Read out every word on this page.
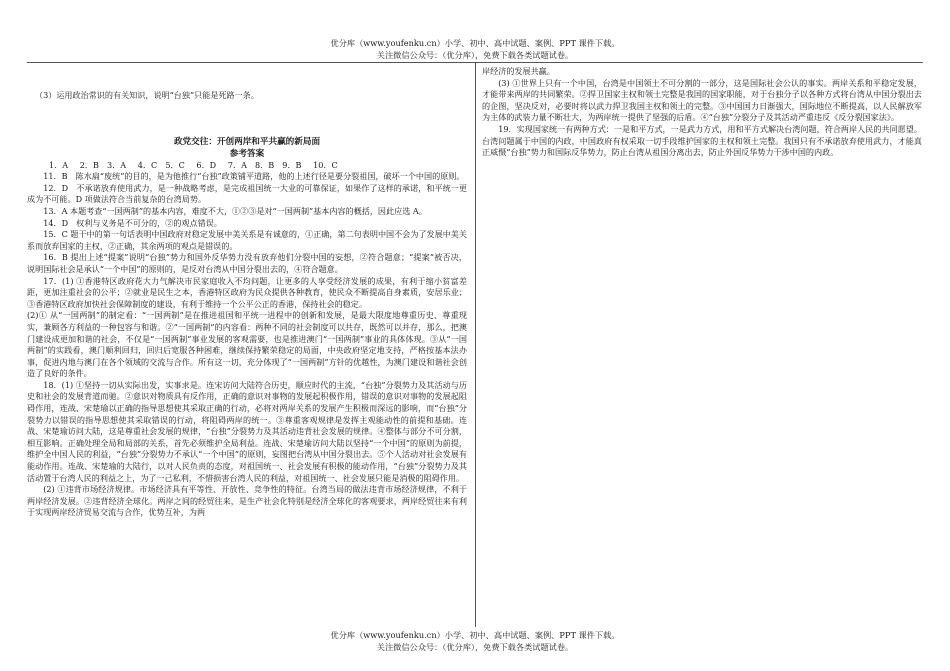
优分库（www.youfenku.cn）小学、初中、高中试题、案例、PPT 课件下载。
关注微信公众号：（优分库），免费下载各类试题试卷。
（3）运用政治常识的有关知识，说明“台独”只能是死路一条。
政党交往：开创两岸和平共赢的新局面
参考答案
1．A　 2．B　3．A　 4．C　5．C　 6．D　 7．A　8．B　9．B　 10．C

11．B　陈水扁“废统”的目的，是为他推行“台独”政策铺平道路，他的上述行径是要分裂祖国，破坏一个中国的原则。

12．D　不承诺放弃使用武力，是一种战略考虑，是完成祖国统一大业的可靠保证，如果作了这样的承诺，和平统一更成为不可能。D 项做法符合当前复杂的台湾局势。

13．A 本题考查“一国两制”的基本内容，难度不大，①②③是对“一国两制”基本内容的概括，因此应选 A。

14．D　权利与义务是不可分的，②的观点错误。

15．C 题干中的第一句话表明中国政府对稳定发展中美关系是有诚意的，①正确，第二句表明中国不会为了发展中美关系而放弃国家的主权，②正确，其余两项的观点是错误的。

16．B 提出上述“提案”说明“台独”势力和国外反华势力没有放弃他们分裂中国的妄想，②符合题意；“提案”被否决，说明国际社会是承认“一个中国”的原则的，是反对台湾从中国分裂出去的，④符合题意。

17．(1) ①香港特区政府花大力气解决市民家庭收入不均问题，让更多的人享受经济发展的成果，有利于缩小贫富差距，更加注重社会的公平；②就业是民生之本，香港特区政府为民众提供各种教育，使民众不断提高自身素质，安居乐业；③香港特区政府加快社会保障制度的建设，有利于维持一个公平公正的香港，保持社会的稳定。

(2)① 从“一国两制”的制定看：“一国两制”是在推进祖国和平统一进程中的创新和发展，是最大限度地尊重历史、尊重现实，兼顾各方利益的一种包容与和谐。②“一国两制”的内容看：两种不同的社会制度可以共存，既然可以并存，那么，把澳门建设成更加和谐的社会，不仅是“一国两制”事业发展的客观需要，也是推进澳门“一国两制”事业的具体体现。③从“一国两制”的实践看，澳门顺利回归，回归后宽服各种困难，继续保持繁荣稳定的局面，中央政府坚定地支持，严格按基本法办事，促进内地与澳门在各个领域的交流与合作。所有这一切，充分体现了“一国两制”方针的优越性，为澳门建设和谐社会创造了良好的条件。

18．(1) ①坚持一切从实际出发，实事求是。连宋访问大陆符合历史，顺应时代的主流，“台独”分裂势力及其活动与历史和社会的发展背道而驰。②意识对物质具有反作用，正确的意识对事物的发展起积极作用，错误的意识对事物的发展起阻碍作用，连战、宋楚瑜以正确的指导思想使其采取正确的行动，必将对两岸关系的发展产生积极而深远的影响，而“台独”分裂势力以错误的指导思想使其采取错误的行动，将阻碍两岸的统一。③尊重客观规律是发挥主观能动性的前提和基础。连战、宋楚瑜访问大陆，这是尊重社会发展的规律，“台独”分裂势力及其活动违背社会发展的规律。④整体与部分不可分割，相互影响。正确处理全局和局部的关系，首先必须维护全局利益。连战、宋楚瑜访问大陆以坚持“一个中国”的原则为前提，维护全中国人民的利益，“台独”分裂势力不承认“一个中国”的原则，妄图把台湾从中国分裂出去。⑤个人活动对社会发展有能动作用。连战、宋楚瑜的大陆行，以对人民负责的态度，对祖国统一、社会发展有积极的能动作用，“台独”分裂势力及其活动置于台湾人民的利益之上，为了一己私利，不惜损害台湾人民的利益，对祖国统一、社会发展只能是消极的阻碍作用。

(2) ①违背市场经济规律。市场经济具有平等性、开放性、竞争性的特征。台湾当局的做法违背市场经济规律，不利于两岸经济发展。②违背经济全球化。两岸之间的经贸往来，是生产社会化特别是经济全球化的客观要求，两岸经贸往来有利于实现两岸经济贸易交流与合作，优势互补，为两

岸经济的发展共赢。

(3) ①世界上只有一个中国，台湾是中国领土不可分割的一部分，这是国际社会公认的事实。两岸关系和平稳定发展，才能带来两岸的共同繁荣。②捍卫国家主权和领土完整是我国的国家职能，对于台独分子以各种方式将台湾从中国分裂出去的企图，坚决反对，必要时将以武力捍卫我国主权和领土的完整。③中国国力日渐强大，国际地位不断提高，以人民解放军为主体的武装力量不断壮大，为两岸统一提供了坚强的后盾。④“台独”分裂分子及其活动严重违反《反分裂国家法》。

19．实现国家统一有两种方式：一是和平方式，一是武力方式，用和平方式解决台湾问题，符合两岸人民的共同愿望。台湾问题属于中国的内政，中国政府有权采取一切手段维护国家的主权和领土完整。我国只有不承诺放弃使用武力，才能真正威慑“台独”势力和国际反华势力，防止台湾从祖国分离出去，防止外国反华势力干涉中国的内政。

优分库（www.youfenku.cn）小学、初中、高中试题、案例、PPT 课件下载。
关注微信公众号：（优分库），免费下载各类试题试卷。
